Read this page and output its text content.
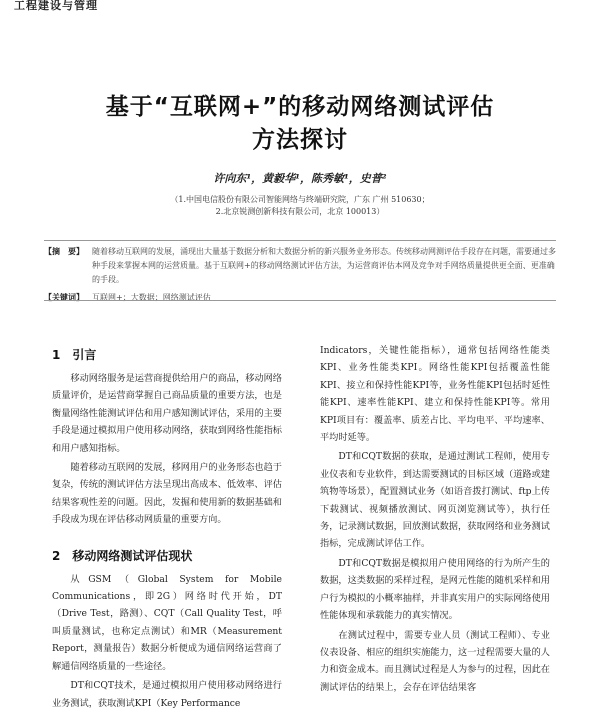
工程建设与管理
基于“互联网+”的移动网络测试评估
方法探讨
许向东¹，黄毅华¹，陈秀敏¹，史普²
（1.中国电信股份有限公司智能网络与终端研究院，广东 广州 510630；
2.北京锐测创新科技有限公司，北京 100013）
【摘　要】 随着移动互联网的发展，涌现出大量基于数据分析和大数据分析的新兴服务业务形态。传统移动网测评估手段存在问题，需要通过多种手段来掌握本网的运营质量。基于互联网+的移动网络测试评估方法，为运营商评估本网及竞争对手网络质量提供更全面、更准确的手段。
【关键词】 互联网+；大数据；网络测试评估
1　引言

移动网络服务是运营商提供给用户的商品，移动网络质量评价，是运营商掌握自己商品质量的重要方法，也是衡量网络性能测试评估和用户感知测试评估，采用的主要手段是通过模拟用户使用移动网络，获取到网络性能指标和用户感知指标。

随着移动互联网的发展，移网用户的业务形态也趋于复杂，传统的测试评估方法呈现出高成本、低效率、评估结果客观性差的问题。因此，发掘和使用新的数据基础和手段成为现在评估移动网质量的重要方向。

2　移动网络测试评估现状

从GSM（Global System for Mobile Communications，即2G）网络时代开始，DT（Drive Test，路测）、CQT（Call Quality Test，呼叫质量测试，也称定点测试）和MR（Measurement Report，测量报告）数据分析便成为通信网络运营商了解通信网络质量的一些途径。

DT和CQT技术，是通过模拟用户使用移动网络进行业务测试，获取测试KPI（Key Performance

Indicators，关键性能指标），通常包括网络性能类KPI、业务性能类KPI。网络性能KPI包括覆盖性能KPI、接立和保持性能KPI等，业务性能KPI包括时延性能KPI、速率性能KPI、建立和保持性能KPI等。常用KPI项目有：覆盖率、质差占比、平均电平、平均速率、平均时延等。

DT和CQT数据的获取，是通过测试工程师，使用专业仪表和专业软件，到达需要测试的目标区域（道路或建筑物等场景），配置测试业务（如语音拨打测试、ftp上传下载测试、视频播放测试、网页浏览测试等），执行任务，记录测试数据，回放测试数据，获取网络和业务测试指标，完成测试评估工作。

DT和CQT数据是模拟用户使用网络的行为所产生的数据，这类数据的采样过程，是网元性能的随机采样和用户行为模拟的小概率抽样，并非真实用户的实际网络使用性能体现和承载能力的真实情况。

在测试过程中，需要专业人员（测试工程师）、专业仪表设备、相应的组织实施能力，这一过程需要大量的人力和资金成本。而且测试过程是人为参与的过程，因此在测试评估的结果上，会存在评估结果客
